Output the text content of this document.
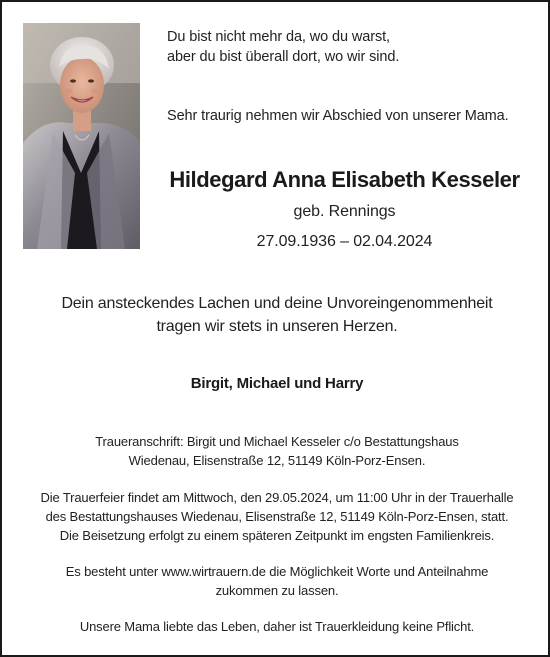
Du bist nicht mehr da, wo du warst,
aber du bist überall dort, wo wir sind.
Sehr traurig nehmen wir Abschied von unserer Mama.
Hildegard Anna Elisabeth Kesseler
geb. Rennings
27.09.1936 – 02.04.2024
Dein ansteckendes Lachen und deine Unvoreingenommenheit
tragen wir stets in unseren Herzen.
Birgit, Michael und Harry
Traueranschrift: Birgit und Michael Kesseler c/o Bestattungshaus
Wiedenau, Elisenstraße 12, 51149 Köln-Porz-Ensen.
Die Trauerfeier findet am Mittwoch, den 29.05.2024, um 11:00 Uhr in der Trauerhalle
des Bestattungshauses Wiedenau, Elisenstraße 12, 51149 Köln-Porz-Ensen, statt.
Die Beisetzung erfolgt zu einem späteren Zeitpunkt im engsten Familienkreis.
Es besteht unter www.wirtrauern.de die Möglichkeit Worte und Anteilnahme
zukommen zu lassen.
Unsere Mama liebte das Leben, daher ist Trauerkleidung keine Pflicht.
